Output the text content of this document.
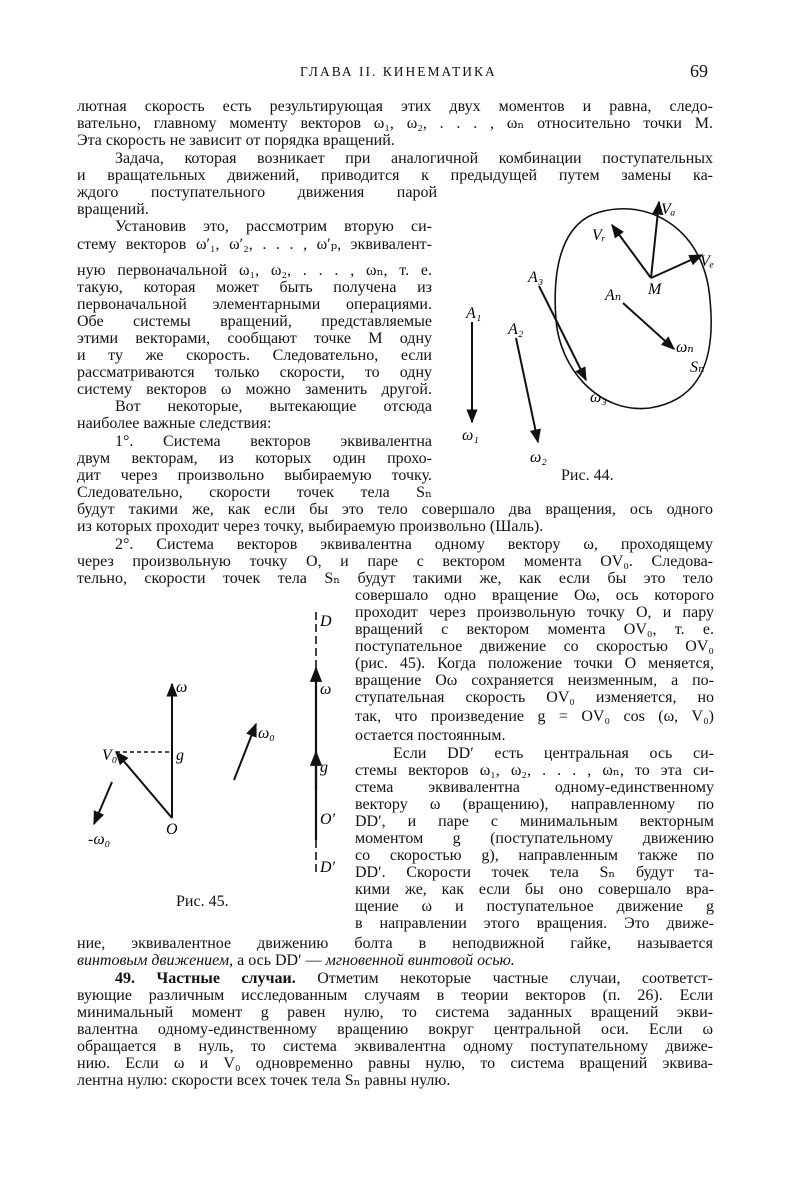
ГЛАВА II. КИНЕМАТИКА	69
лютная скорость есть результирующая этих двух моментов и равна, следо-
вательно, главному моменту векторов ω₁, ω₂, . . . , ωₙ относительно точки M.
Эта скорость не зависит от порядка вращений.
Задача, которая возникает при аналогичной комбинации поступательных
и вращательных движений, приводится к предыдущей путем замены ка-
ждого поступательного движения парой
вращений.
Установив это, рассмотрим вторую си-
стему векторов ω′₁, ω′₂, . . . , ω′ₚ, эквивалент-
ную первоначальной ω₁, ω₂, . . . , ωₙ, т. е.
такую, которая может быть получена из
первоначальной элементарными операциями.
Обе системы вращений, представляемые
этими векторами, сообщают точке M одну
и ту же скорость. Следовательно, если
рассматриваются только скорости, то одну
систему векторов ω можно заменить другой.
Вот некоторые, вытекающие отсюда
наиболее важные следствия:
1°. Система векторов эквивалентна
двум векторам, из которых один прохо-
дит через произвольно выбираемую точку.
Следовательно, скорости точек тела Sₙ
будут такими же, как если бы это тело совершало два вращения, ось одного
из которых проходит через точку, выбираемую произвольно (Шаль).
2°. Система векторов эквивалентна одному вектору ω, проходящему
через произвольную точку O, и паре с вектором момента OV₀. Следова-
тельно, скорости точек тела Sₙ будут такими же, как если бы это тело
совершало одно вращение Oω, ось которого
проходит через произвольную точку O, и пару
вращений с вектором момента OV₀, т. е.
поступательное движение со скоростью OV₀
(рис. 45). Когда положение точки O меняется,
вращение Oω сохраняется неизменным, а по-
ступательная скорость OV₀ изменяется, но
так, что произведение g = OV₀ cos (ω, V₀)
остается постоянным.
Если DD′ есть центральная ось си-
стемы векторов ω₁, ω₂, . . . , ωₙ, то эта си-
стема эквивалентна одному-единственному
вектору ω (вращению), направленному по
DD′, и паре с минимальным векторным
моментом g (поступательному движению
со скоростью g), направленным также по
DD′. Скорости точек тела Sₙ будут та-
кими же, как если бы оно совершало вра-
щение ω и поступательное движение g
в направлении этого вращения. Это движе-
ние, эквивалентное движению болта в неподвижной гайке, называется
винтовым движением, а ось DD′ — мгновенной винтовой осью.
49. Частные случаи. Отметим некоторые частные случаи, соответст-
вующие различным исследованным случаям в теории векторов (п. 26). Если
минимальный момент g равен нулю, то система заданных вращений экви-
валентна одному-единственному вращению вокруг центральной оси. Если ω
обращается в нуль, то система эквивалентна одному поступательному движе-
нию. Если ω и V₀ одновременно равны нулю, то система вращений эквива-
лентна нулю: скорости всех точек тела Sₙ равны нулю.
A₁
A₂
A₃
Aₙ M
Vₐ
Vᵣ
Vₑ
ω₁
ω₂
ω₃
ωₙ
Sₙ
Рис. 44.
ω
V₀	g
O
-ω₀
ω₀
D
ω
g
O′
D′
Рис. 45.
